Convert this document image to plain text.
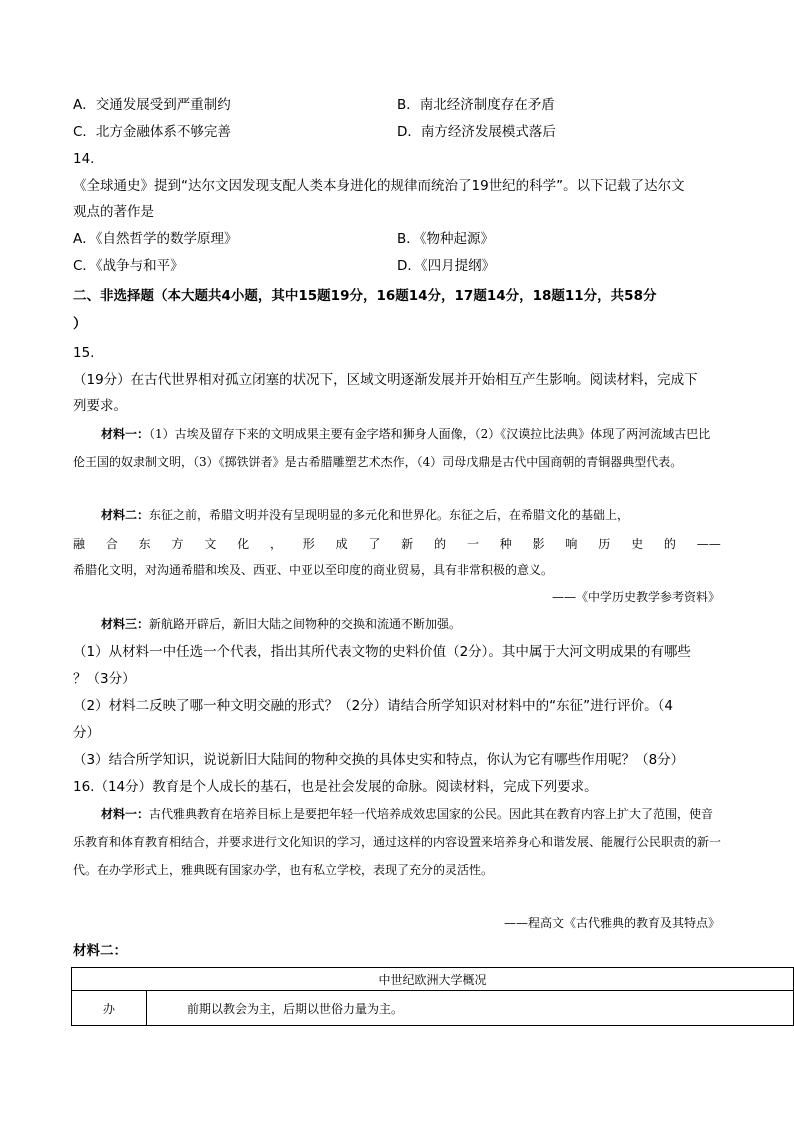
A．交通发展受到严重制约	B．南北经济制度存在矛盾
C．北方金融体系不够完善	D．南方经济发展模式落后
14.
《全球通史》提到“达尔文因发现支配人类本身进化的规律而统治了19世纪的科学”。以下记载了达尔文
观点的著作是
A．《自然哲学的数学原理》	B．《物种起源》
C．《战争与和平》	D．《四月提纲》
二、非选择题（本大题共4小题，其中15题19分，16题14分，17题14分，18题11分，共58分
）
15.
（19分）在古代世界相对孤立闭塞的状况下，区域文明逐渐发展并开始相互产生影响。阅读材料，完成下
列要求。
材料一：（1）古埃及留存下来的文明成果主要有金字塔和狮身人面像，（2）《汉谟拉比法典》体现了两河流域古巴比伦王国的奴隶制文明，（3）《掷铁饼者》是古希腊雕塑艺术杰作，（4）司母戊鼎是古代中国商朝的青铜器典型代表。
材料二：东征之前，希腊文明并没有呈现明显的多元化和世界化。东征之后，在希腊文化的基础上，
融 合 东 方 文 化 ， 形 成 了 新 的 一 种 影 响 历 史 的 ——
希腊化文明，对沟通希腊和埃及、西亚、中亚以至印度的商业贸易，具有非常积极的意义。
——《中学历史教学参考资料》
材料三：新航路开辟后，新旧大陆之间物种的交换和流通不断加强。
（1）从材料一中任选一个代表，指出其所代表文物的史料价值（2分）。其中属于大河文明成果的有哪些
？（3分）
（2）材料二反映了哪一种文明交融的形式？（2分）请结合所学知识对材料中的“东征”进行评价。（4
分）
（3）结合所学知识，说说新旧大陆间的物种交换的具体史实和特点，你认为它有哪些作用呢？（8分）
16.（14分）教育是个人成长的基石，也是社会发展的命脉。阅读材料，完成下列要求。
材料一：古代雅典教育在培养目标上是要把年轻一代培养成效忠国家的公民。因此其在教育内容上扩大了范围，使音乐教育和体育教育相结合，并要求进行文化知识的学习，通过这样的内容设置来培养身心和谐发展、能履行公民职责的新一代。在办学形式上，雅典既有国家办学，也有私立学校，表现了充分的灵活性。
——程高文《古代雅典的教育及其特点》
材料二：
中世纪欧洲大学概况
办	前期以教会为主，后期以世俗力量为主。
